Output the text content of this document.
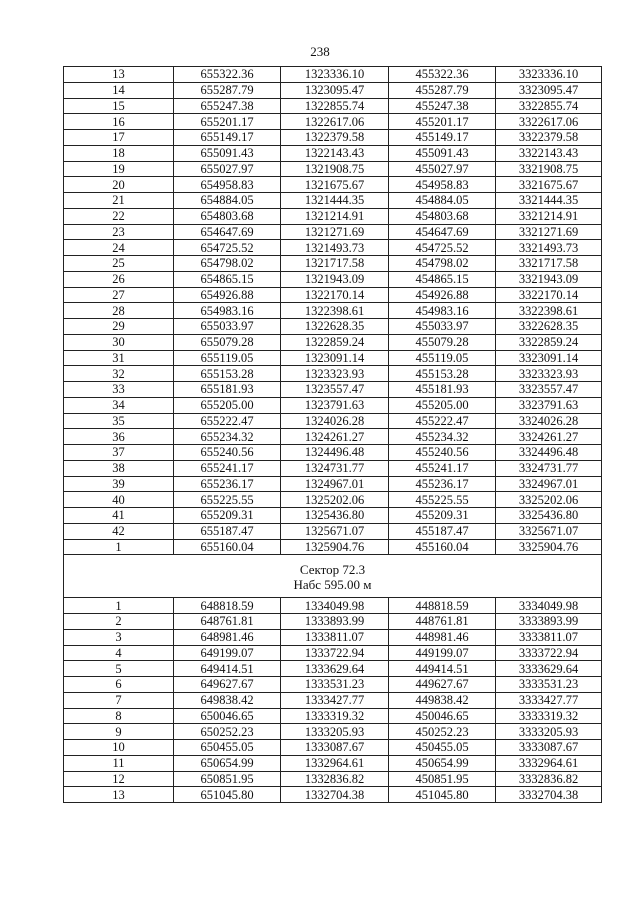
238
13	655322.36	1323336.10	455322.36	3323336.10
14	655287.79	1323095.47	455287.79	3323095.47
15	655247.38	1322855.74	455247.38	3322855.74
16	655201.17	1322617.06	455201.17	3322617.06
17	655149.17	1322379.58	455149.17	3322379.58
18	655091.43	1322143.43	455091.43	3322143.43
19	655027.97	1321908.75	455027.97	3321908.75
20	654958.83	1321675.67	454958.83	3321675.67
21	654884.05	1321444.35	454884.05	3321444.35
22	654803.68	1321214.91	454803.68	3321214.91
23	654647.69	1321271.69	454647.69	3321271.69
24	654725.52	1321493.73	454725.52	3321493.73
25	654798.02	1321717.58	454798.02	3321717.58
26	654865.15	1321943.09	454865.15	3321943.09
27	654926.88	1322170.14	454926.88	3322170.14
28	654983.16	1322398.61	454983.16	3322398.61
29	655033.97	1322628.35	455033.97	3322628.35
30	655079.28	1322859.24	455079.28	3322859.24
31	655119.05	1323091.14	455119.05	3323091.14
32	655153.28	1323323.93	455153.28	3323323.93
33	655181.93	1323557.47	455181.93	3323557.47
34	655205.00	1323791.63	455205.00	3323791.63
35	655222.47	1324026.28	455222.47	3324026.28
36	655234.32	1324261.27	455234.32	3324261.27
37	655240.56	1324496.48	455240.56	3324496.48
38	655241.17	1324731.77	455241.17	3324731.77
39	655236.17	1324967.01	455236.17	3324967.01
40	655225.55	1325202.06	455225.55	3325202.06
41	655209.31	1325436.80	455209.31	3325436.80
42	655187.47	1325671.07	455187.47	3325671.07
1	655160.04	1325904.76	455160.04	3325904.76

Сектор 72.3
Набс 595.00 м				

1	648818.59	1334049.98	448818.59	3334049.98
2	648761.81	1333893.99	448761.81	3333893.99
3	648981.46	1333811.07	448981.46	3333811.07
4	649199.07	1333722.94	449199.07	3333722.94
5	649414.51	1333629.64	449414.51	3333629.64
6	649627.67	1333531.23	449627.67	3333531.23
7	649838.42	1333427.77	449838.42	3333427.77
8	650046.65	1333319.32	450046.65	3333319.32
9	650252.23	1333205.93	450252.23	3333205.93
10	650455.05	1333087.67	450455.05	3333087.67
11	650654.99	1332964.61	450654.99	3332964.61
12	650851.95	1332836.82	450851.95	3332836.82
13	651045.80	1332704.38	451045.80	3332704.38
